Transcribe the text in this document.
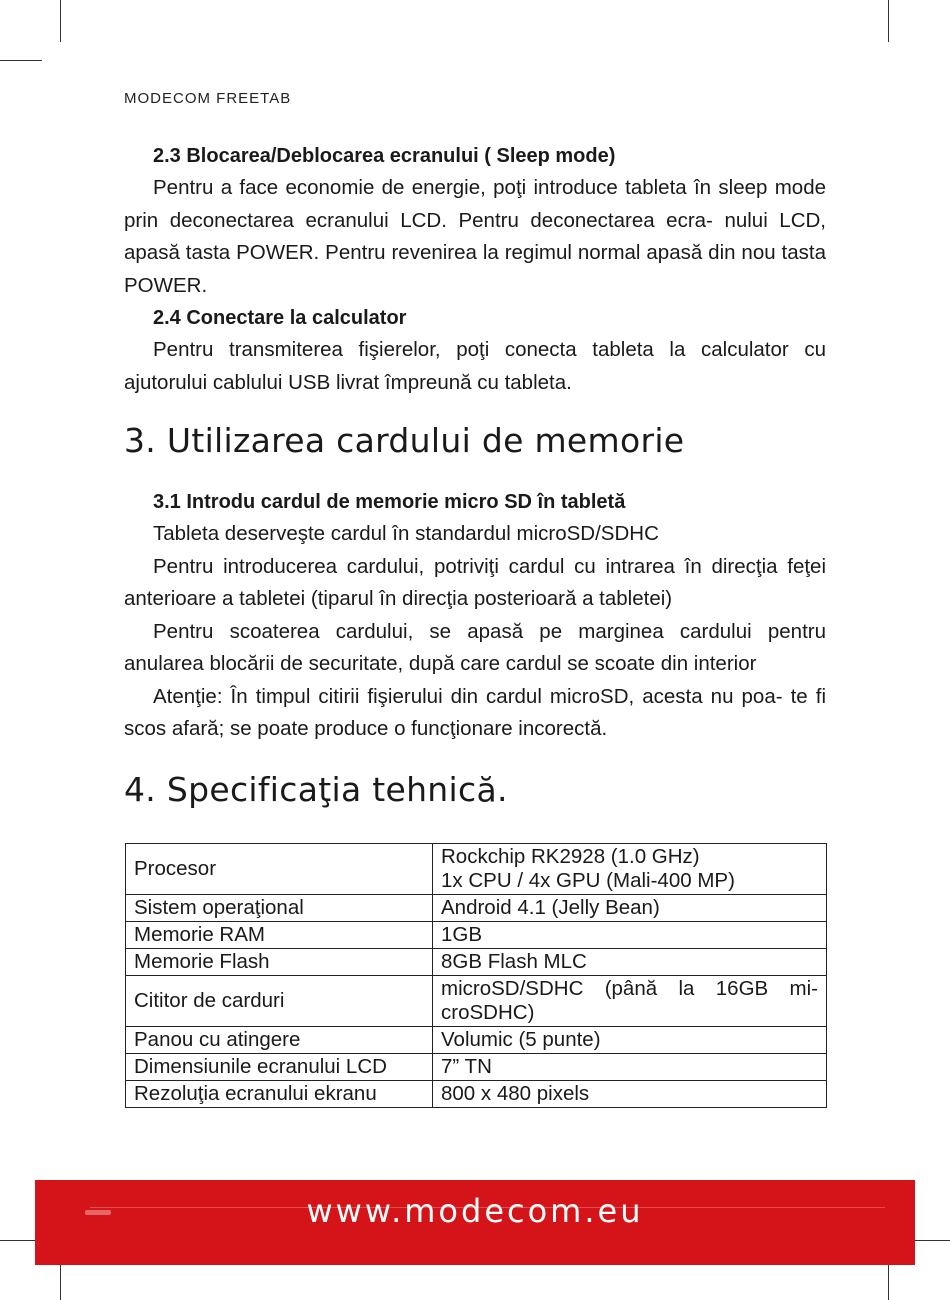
MODECOM FREETAB

2.3 Blocarea/Deblocarea ecranului ( Sleep mode)

Pentru a face economie de energie, poţi introduce tableta în sleep mode prin deconectarea ecranului LCD. Pentru deconectarea ecra- nului LCD, apasă tasta POWER. Pentru revenirea la regimul normal apasă din nou tasta POWER.

2.4 Conectare la calculator

Pentru transmiterea fişierelor, poţi conecta tableta la calculator cu ajutorului cablului USB livrat împreună cu tableta.

3. Utilizarea cardului de memorie

3.1 Introdu cardul de memorie micro SD în tabletă

Tableta deserveşte cardul în standardul microSD/SDHC

Pentru introducerea cardului, potriviţi cardul cu intrarea în direcţia feţei anterioare a tabletei (tiparul în direcţia posterioară a tabletei)

Pentru scoaterea cardului, se apasă pe marginea cardului pentru anularea blocării de securitate, după care cardul se scoate din interior

Atenţie: În timpul citirii fişierului din cardul microSD, acesta nu poa- te fi scos afară; se poate produce o funcţionare incorectă.

4. Specificaţia tehnică.
Procesor	Rockchip RK2928 (1.0 GHz)
1x CPU / 4x GPU (Mali-400 MP)

Sistem operaţional	Android 4.1 (Jelly Bean)
Memorie RAM	1GB
Memorie Flash	8GB Flash MLC
Cititor de carduri	microSD/SDHC (până la 16GB mi-
croSDHC)

Panou cu atingere	Volumic (5 punte)
Dimensiunile ecranului LCD	7” TN
Rezoluţia ecranului ekranu	800 x 480 pixels
www.modecom.eu
